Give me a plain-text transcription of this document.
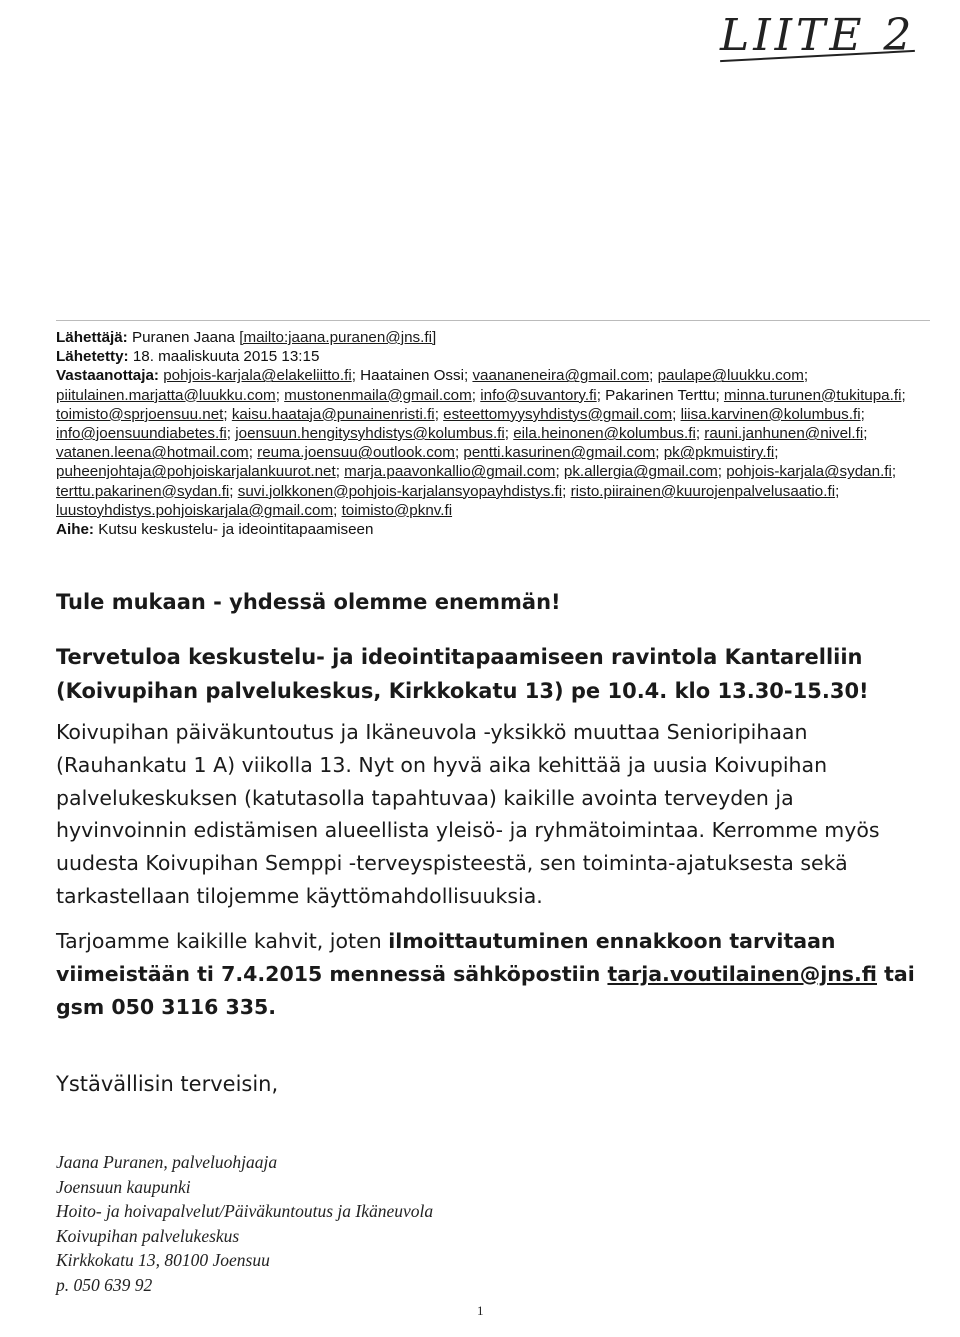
LIITE 2
Lähettäjä: Puranen Jaana [mailto:jaana.puranen@jns.fi]
Lähetetty: 18. maaliskuuta 2015 13:15
Vastaanottaja: pohjois-karjala@elakeliitto.fi; Haatainen Ossi; vaananeneira@gmail.com; paulape@luukku.com; piitulainen.marjatta@luukku.com; mustonenmaila@gmail.com; info@suvantory.fi; Pakarinen Terttu; minna.turunen@tukitupa.fi; toimisto@sprjoensuu.net; kaisu.haataja@punainenristi.fi; esteettomyysyhdistys@gmail.com; liisa.karvinen@kolumbus.fi; info@joensuundiabetes.fi; joensuun.hengitysyhdistys@kolumbus.fi; eila.heinonen@kolumbus.fi; rauni.janhunen@nivel.fi; vatanen.leena@hotmail.com; reuma.joensuu@outlook.com; pentti.kasurinen@gmail.com; pk@pkmuistiry.fi; puheenjohtaja@pohjoiskarjalankuurot.net; marja.paavonkallio@gmail.com; pk.allergia@gmail.com; pohjois-karjala@sydan.fi; terttu.pakarinen@sydan.fi; suvi.jolkkonen@pohjois-karjalansyopayhdistys.fi; risto.piirainen@kuurojenpalvelusaatio.fi; luustoyhdistys.pohjoiskarjala@gmail.com; toimisto@pknv.fi
Aihe: Kutsu keskustelu- ja ideointitapaamiseen
Tule mukaan - yhdessä olemme enemmän!
Tervetuloa keskustelu- ja ideointitapaamiseen ravintola Kantarelliin (Koivupihan palvelukeskus, Kirkkokatu 13) pe 10.4. klo 13.30-15.30!
Koivupihan päiväkuntoutus ja Ikäneuvola -yksikkö muuttaa Senioripihaan (Rauhankatu 1 A) viikolla 13. Nyt on hyvä aika kehittää ja uusia Koivupihan palvelukeskuksen (katutasolla tapahtuvaa) kaikille avointa terveyden ja hyvinvoinnin edistämisen alueellista yleisö- ja ryhmätoimintaa. Kerromme myös uudesta Koivupihan Semppi -terveyspisteestä, sen toiminta-ajatuksesta sekä tarkastellaan tilojemme käyttömahdollisuuksia.
Tarjoamme kaikille kahvit, joten ilmoittautuminen ennakkoon tarvitaan viimeistään ti 7.4.2015 mennessä sähköpostiin tarja.voutilainen@jns.fi tai gsm 050 3116 335.
Ystävällisin terveisin,
Jaana Puranen, palveluohjaaja
Joensuun kaupunki
Hoito- ja hoivapalvelut/Päiväkuntoutus ja Ikäneuvola
Koivupihan palvelukeskus
Kirkkokatu 13, 80100 Joensuu
p. 050 639 92
1
